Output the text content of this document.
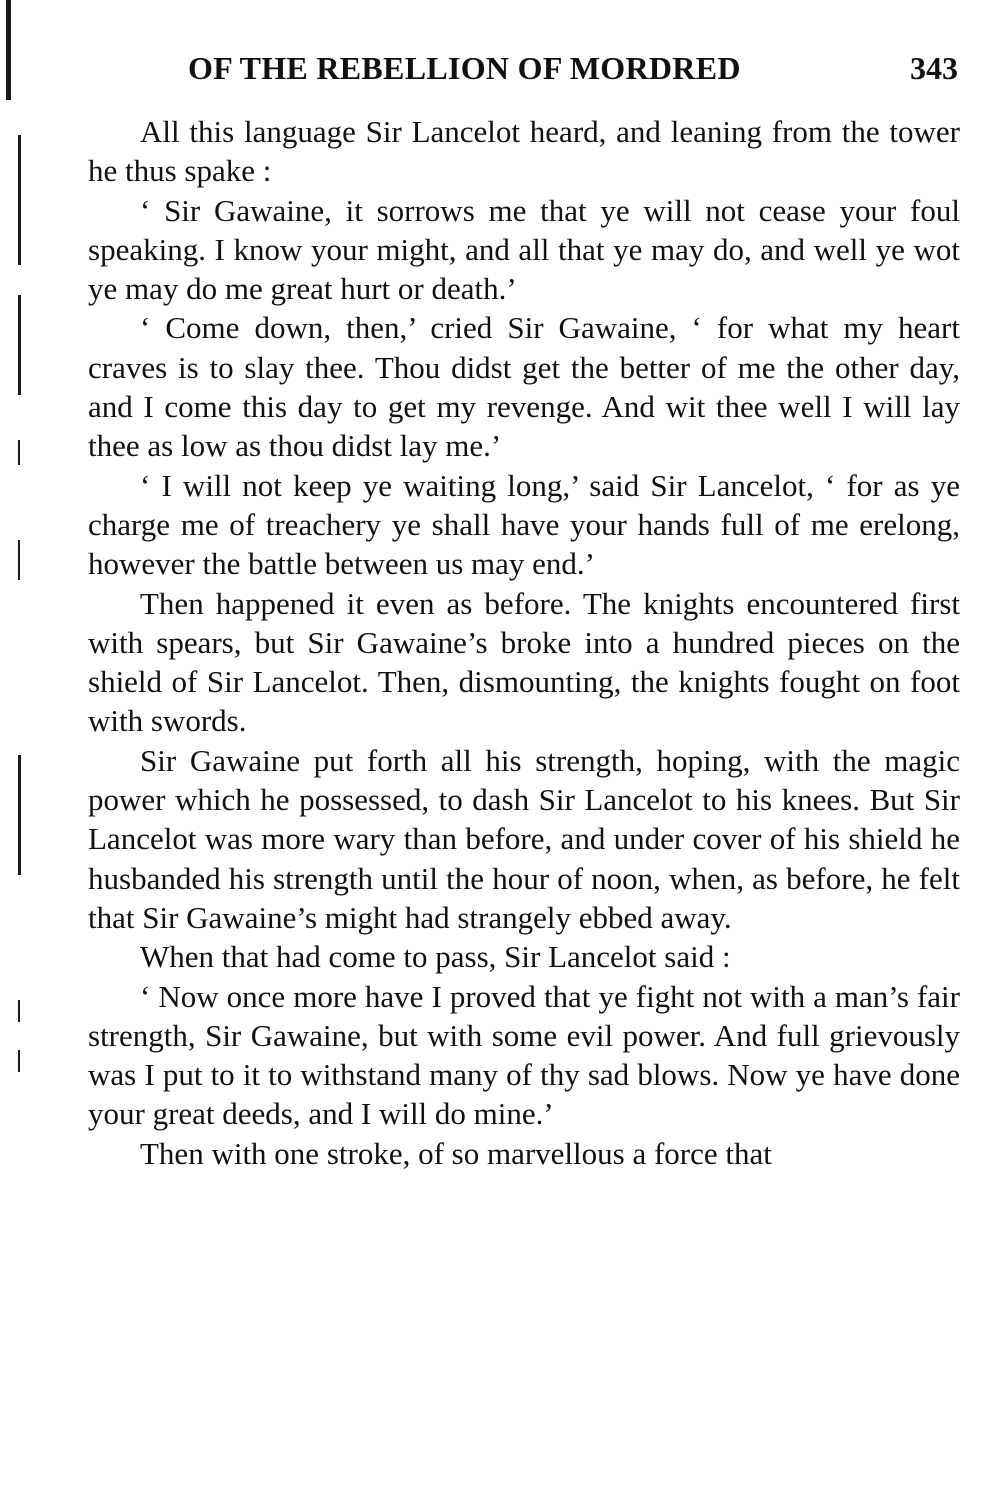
OF THE REBELLION OF MORDRED	343

All this language Sir Lancelot heard, and leaning from the tower he thus spake :

‘ Sir Gawaine, it sorrows me that ye will not cease your foul speaking. I know your might, and all that ye may do, and well ye wot ye may do me great hurt or death.’

‘ Come down, then,’ cried Sir Gawaine, ‘ for what my heart craves is to slay thee. Thou didst get the better of me the other day, and I come this day to get my revenge. And wit thee well I will lay thee as low as thou didst lay me.’

‘ I will not keep ye waiting long,’ said Sir Lancelot, ‘ for as ye charge me of treachery ye shall have your hands full of me erelong, however the battle between us may end.’

Then happened it even as before. The knights encountered first with spears, but Sir Gawaine’s broke into a hundred pieces on the shield of Sir Lancelot. Then, dismounting, the knights fought on foot with swords.

Sir Gawaine put forth all his strength, hoping, with the magic power which he possessed, to dash Sir Lancelot to his knees. But Sir Lancelot was more wary than before, and under cover of his shield he husbanded his strength until the hour of noon, when, as before, he felt that Sir Gawaine’s might had strangely ebbed away.

When that had come to pass, Sir Lancelot said :

‘ Now once more have I proved that ye fight not with a man’s fair strength, Sir Gawaine, but with some evil power. And full grievously was I put to it to withstand many of thy sad blows. Now ye have done your great deeds, and I will do mine.’

Then with one stroke, of so marvellous a force that
